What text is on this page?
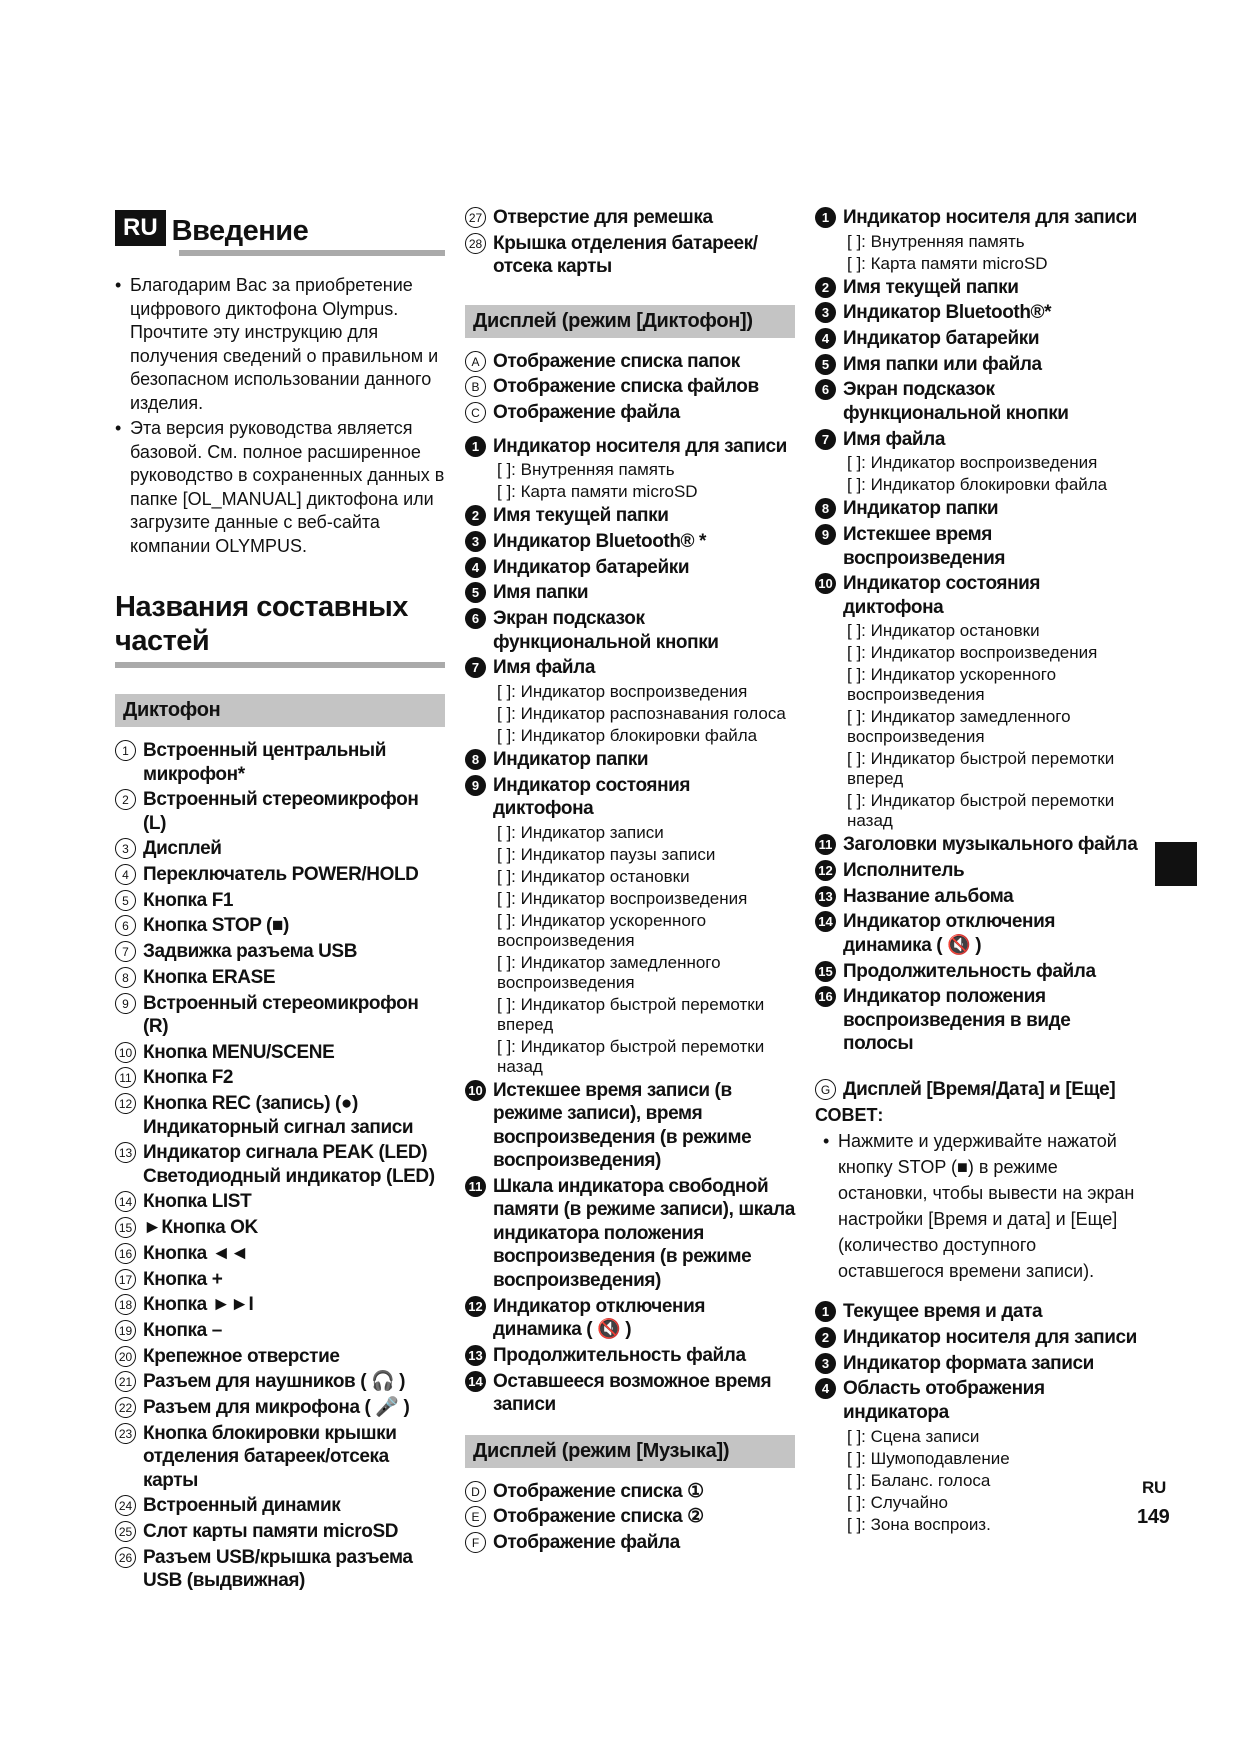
RU Введение
• Благодарим Вас за приобретение цифрового диктофона Olympus. Прочтите эту инструкцию для получения сведений о правильном и безопасном использовании данного изделия.
• Эта версия руководства является базовой. См. полное расширенное руководство в сохраненных данных в папке [OL_MANUAL] диктофона или загрузите данные с веб-сайта компании OLYMPUS.
Названия составных частей
Диктофон
1 Встроенный центральный микрофон*
2 Встроенный стереомикрофон (L)
3 Дисплей
4 Переключатель POWER/HOLD
5 Кнопка F1
6 Кнопка STOP (■)
7 Задвижка разъема USB
8 Кнопка ERASE
9 Встроенный стереомикрофон (R)
10 Кнопка MENU/SCENE
11 Кнопка F2
12 Кнопка REC (запись) (●) Индикаторный сигнал записи
13 Индикатор сигнала PEAK (LED) Светодиодный индикатор (LED)
14 Кнопка LIST
15 ►Кнопка OK
16 Кнопка ◄◄
17 Кнопка +
18 Кнопка ►►I
19 Кнопка –
20 Крепежное отверстие
21 Разъем для наушников ( 🎧 )
22 Разъем для микрофона ( 🎤 )
23 Кнопка блокировки крышки отделения батареек/отсека карты
24 Встроенный динамик
25 Слот карты памяти microSD
26 Разъем USB/крышка разъема USB (выдвижная)
27 Отверстие для ремешка
28 Крышка отделения батареек/ отсека карты
Дисплей (режим [Диктофон])
A Отображение списка папок
B Отображение списка файлов
C Отображение файла
1 Индикатор носителя для записи
[ ]: Внутренняя память
[ ]: Карта памяти microSD
2 Имя текущей папки
3 Индикатор Bluetooth® *
4 Индикатор батарейки
5 Имя папки
6 Экран подсказок функциональной кнопки
7 Имя файла
[ ]: Индикатор воспроизведения
[ ]: Индикатор распознавания голоса
[ ]: Индикатор блокировки файла
8 Индикатор папки
9 Индикатор состояния диктофона
[ ]: Индикатор записи
[ ]: Индикатор паузы записи
[ ]: Индикатор остановки
[ ]: Индикатор воспроизведения
[ ]: Индикатор ускоренного воспроизведения
[ ]: Индикатор замедленного воспроизведения
[ ]: Индикатор быстрой перемотки вперед
[ ]: Индикатор быстрой перемотки назад
10 Истекшее время записи (в режиме записи), время воспроизведения (в режиме воспроизведения)
11 Шкала индикатора свободной памяти (в режиме записи), шкала индикатора положения воспроизведения (в режиме воспроизведения)
12 Индикатор отключения динамика ( 🔇 )
13 Продолжительность файла
14 Оставшееся возможное время записи
Дисплей (режим [Музыка])
D Отображение списка ①
E Отображение списка ②
F Отображение файла
1 Индикатор носителя для записи
[ ]: Внутренняя память
[ ]: Карта памяти microSD
2 Имя текущей папки
3 Индикатор Bluetooth®*
4 Индикатор батарейки
5 Имя папки или файла
6 Экран подсказок функциональной кнопки
7 Имя файла
[ ]: Индикатор воспроизведения
[ ]: Индикатор блокировки файла
8 Индикатор папки
9 Истекшее время воспроизведения
10 Индикатор состояния диктофона
[ ]: Индикатор остановки
[ ]: Индикатор воспроизведения
[ ]: Индикатор ускоренного воспроизведения
[ ]: Индикатор замедленного воспроизведения
[ ]: Индикатор быстрой перемотки вперед
[ ]: Индикатор быстрой перемотки назад
11 Заголовки музыкального файла
12 Исполнитель
13 Название альбома
14 Индикатор отключения динамика ( 🔇 )
15 Продолжительность файла
16 Индикатор положения воспроизведения в виде полосы
G Дисплей [Время/Дата] и [Еще]
СОВЕТ:
• Нажмите и удерживайте нажатой кнопку STOP (■) в режиме остановки, чтобы вывести на экран настройки [Время и дата] и [Еще] (количество доступного оставшегося времени записи).
1 Текущее время и дата
2 Индикатор носителя для записи
3 Индикатор формата записи
4 Область отображения индикатора
[ ]: Сцена записи
[ ]: Шумоподавление
[ ]: Баланс. голоса
[ ]: Случайно
[ ]: Зона воспроиз.
RU
149
